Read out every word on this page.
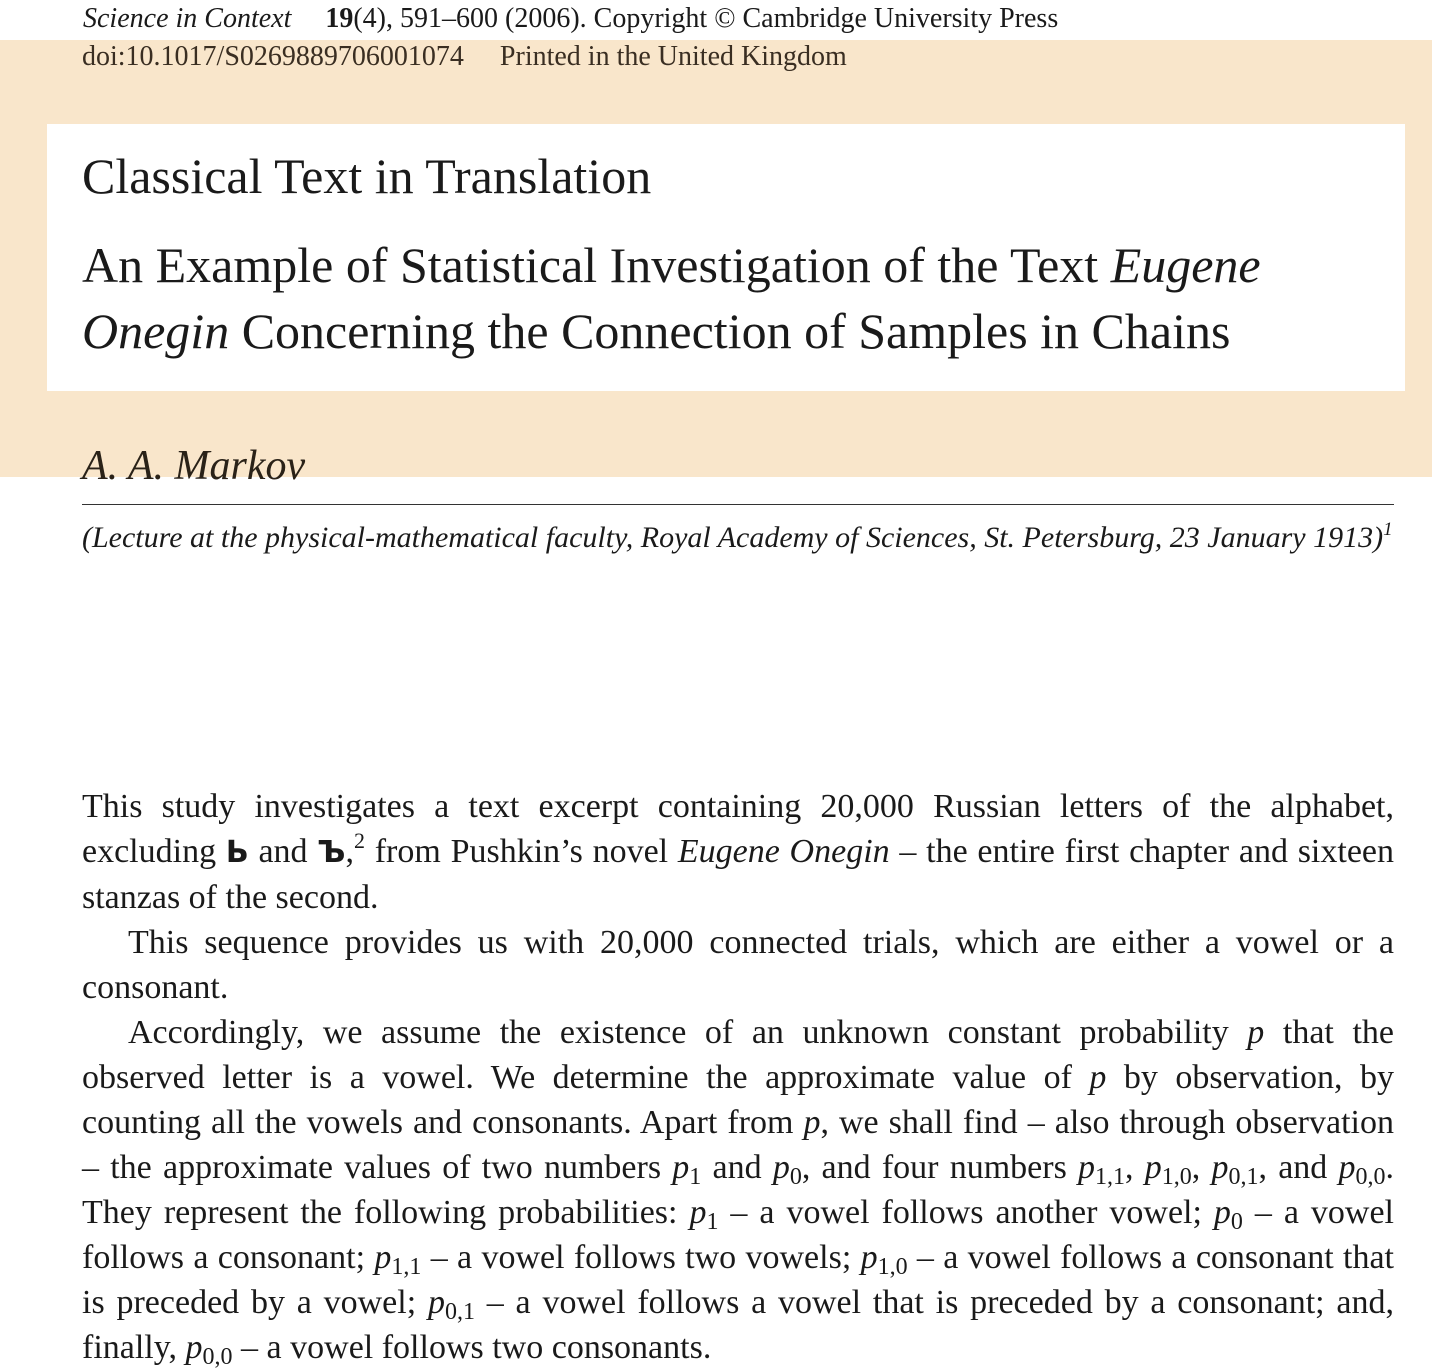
Science in Context 19(4), 591–600 (2006). Copyright © Cambridge University Press
doi:10.1017/S0269889706001074 Printed in the United Kingdom
Classical Text in Translation
An Example of Statistical Investigation of the Text Eugene Onegin Concerning the Connection of Samples in Chains
A. A. Markov
(Lecture at the physical-mathematical faculty, Royal Academy of Sciences, St. Petersburg, 23 January 1913)$^1$

This study investigates a text excerpt containing 20,000 Russian letters of the alphabet, excluding Ь and Ъ,$^2$ from Pushkin’s novel Eugene Onegin – the entire first chapter and sixteen stanzas of the second.

This sequence provides us with 20,000 connected trials, which are either a vowel or a consonant.

Accordingly, we assume the existence of an unknown constant probability p that the observed letter is a vowel. We determine the approximate value of p by observation, by counting all the vowels and consonants. Apart from p, we shall find – also through observation – the approximate values of two numbers $p_1$ and $p_0$, and four numbers $p_{1,1}$, $p_{1,0}$, $p_{0,1}$, and $p_{0,0}$. They represent the following probabilities: $p_1$ – a vowel follows another vowel; $p_0$ – a vowel follows a consonant; $p_{1,1}$ – a vowel follows two vowels; $p_{1,0}$ – a vowel follows a consonant that is preceded by a vowel; $p_{0,1}$ – a vowel follows a vowel that is preceded by a consonant; and, finally, $p_{0,0}$ – a vowel follows two consonants.
